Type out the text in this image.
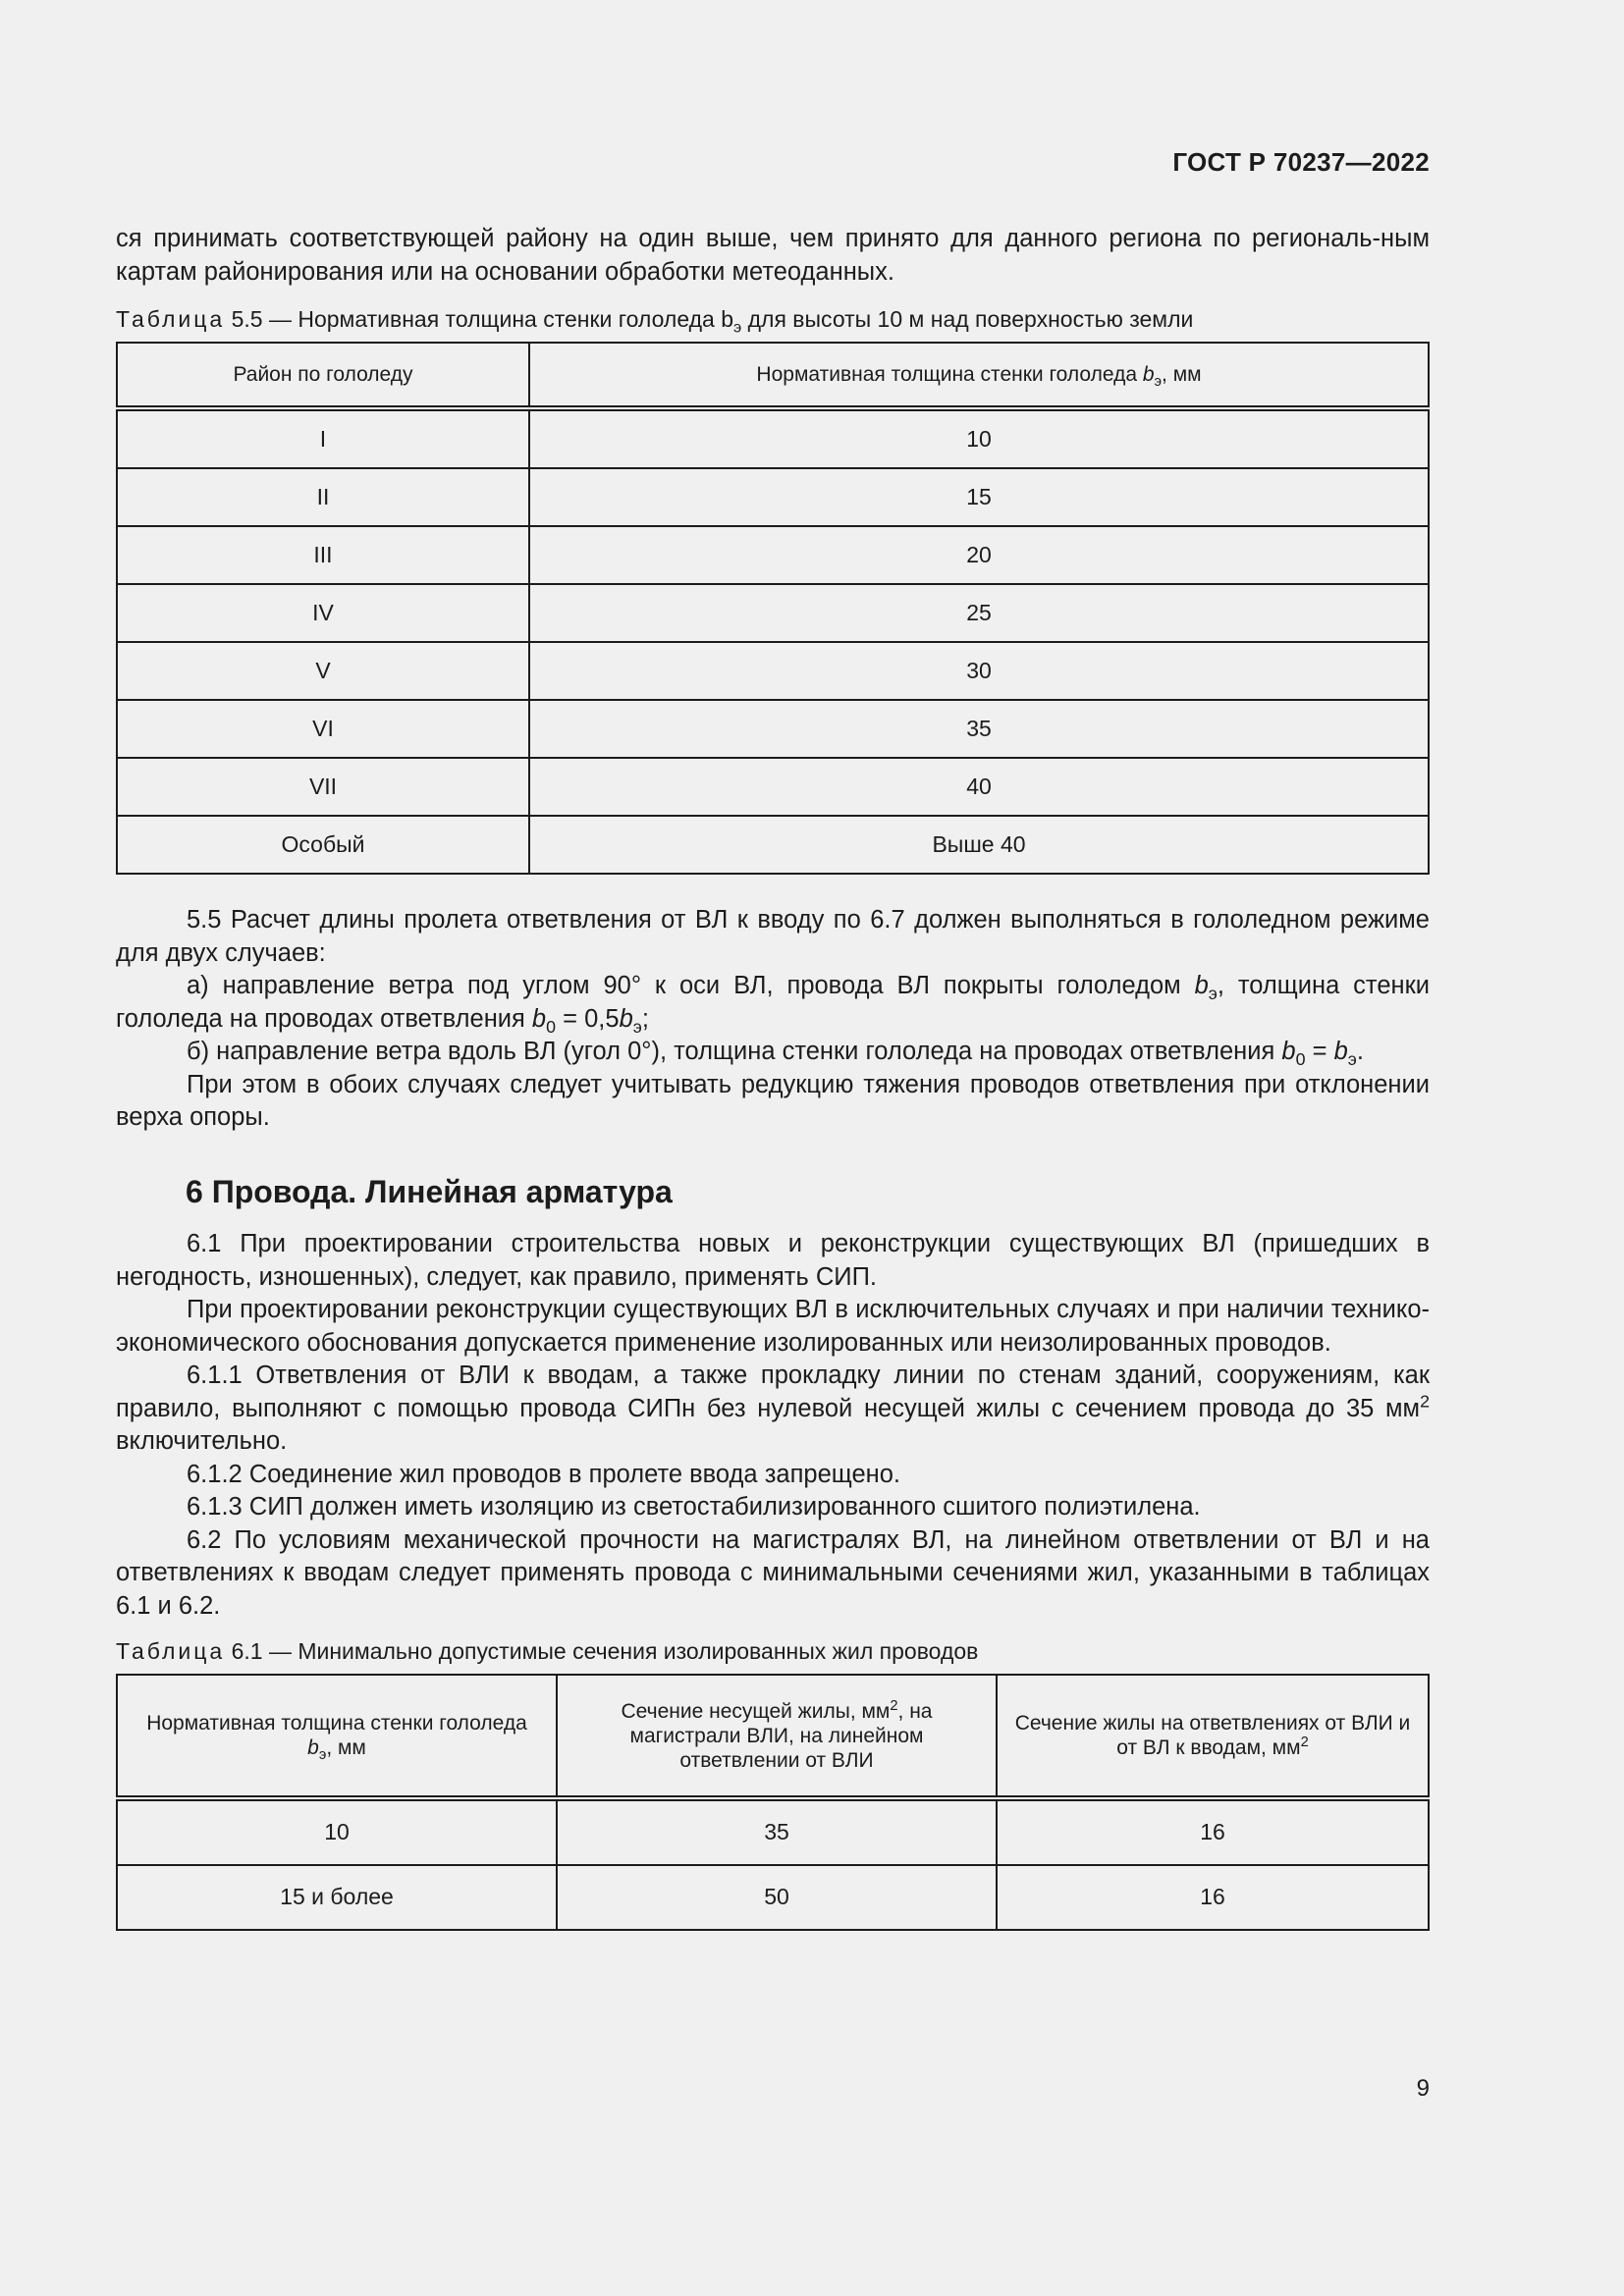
ГОСТ Р 70237—2022

ся принимать соответствующей району на один выше, чем принято для данного региона по региональ-ным картам районирования или на основании обработки метеоданных.

Таблица 5.5 — Нормативная толщина стенки гололеда $b_э$ для высоты 10 м над поверхностью земли
Район по гололеду	Нормативная толщина стенки гололеда $b_э$, мм
I	10
II	15
III	20
IV	25
V	30
VI	35
VII	40
Особый	Выше 40

5.5 Расчет длины пролета ответвления от ВЛ к вводу по 6.7 должен выполняться в гололедном режиме для двух случаев:

а) направление ветра под углом 90° к оси ВЛ, провода ВЛ покрыты гололедом $b_э$, толщина стенки гололеда на проводах ответвления $b_0 = 0,5b_э$;

б) направление ветра вдоль ВЛ (угол 0°), толщина стенки гололеда на проводах ответвления $b_0 = b_э$.

При этом в обоих случаях следует учитывать редукцию тяжения проводов ответвления при отклонении верха опоры.

6 Провода. Линейная арматура

6.1 При проектировании строительства новых и реконструкции существующих ВЛ (пришедших в негодность, изношенных), следует, как правило, применять СИП.

При проектировании реконструкции существующих ВЛ в исключительных случаях и при наличии технико-экономического обоснования допускается применение изолированных или неизолированных проводов.

6.1.1 Ответвления от ВЛИ к вводам, а также прокладку линии по стенам зданий, сооружениям, как правило, выполняют с помощью провода СИПн без нулевой несущей жилы с сечением провода до 35 $мм^2$ включительно.

6.1.2 Соединение жил проводов в пролете ввода запрещено.

6.1.3 СИП должен иметь изоляцию из светостабилизированного сшитого полиэтилена.

6.2 По условиям механической прочности на магистралях ВЛ, на линейном ответвлении от ВЛ и на ответвлениях к вводам следует применять провода с минимальными сечениями жил, указанными в таблицах 6.1 и 6.2.

Таблица 6.1 — Минимально допустимые сечения изолированных жил проводов
Нормативная толщина стенки гололеда
$b_э$, мм	Сечение несущей жилы, $мм^2$, на магистрали ВЛИ, на линейном ответвлении от ВЛИ	Сечение жилы на ответвлениях от ВЛИ и от ВЛ к вводам, $мм^2$
10	35	16
15 и более	50	16
9
